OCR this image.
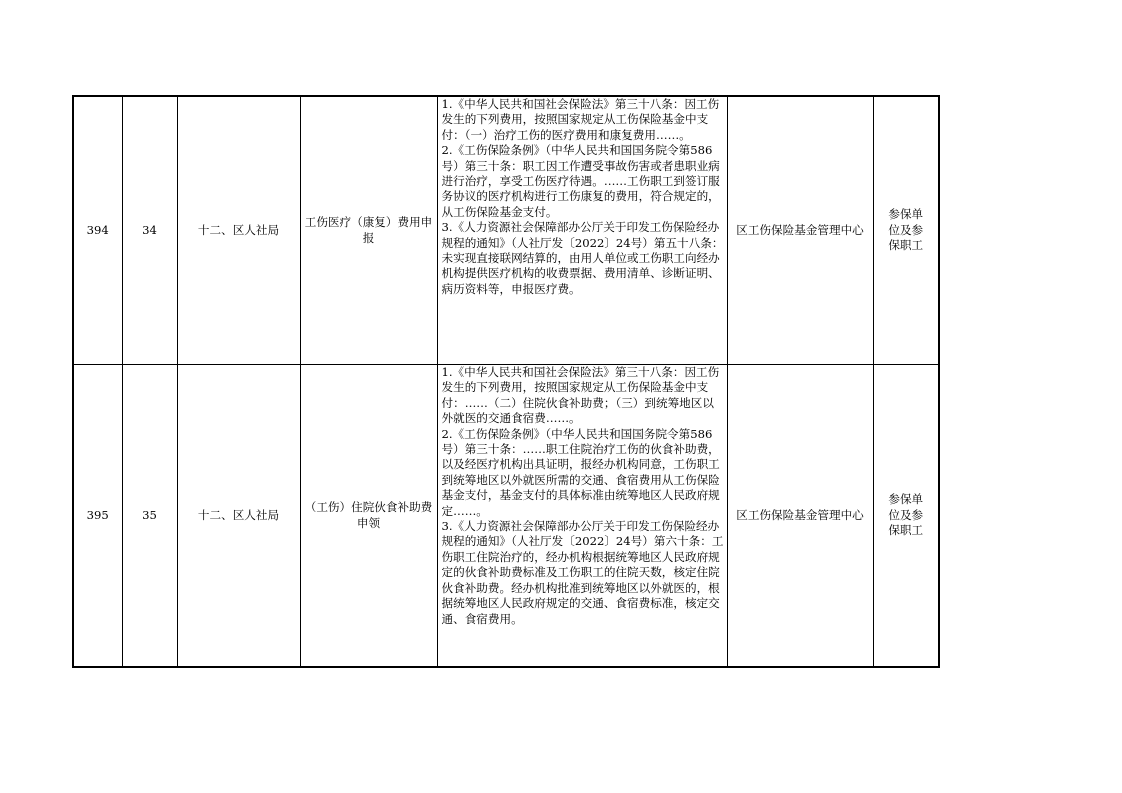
394	34	十二、区人社局	工伤医疗（康复）费用申报	1.《中华人民共和国社会保险法》第三十八条：因工伤发生的下列费用，按照国家规定从工伤保险基金中支付：（一）治疗工伤的医疗费用和康复费用……。
2.《工伤保险条例》（中华人民共和国国务院令第586号）第三十条：职工因工作遭受事故伤害或者患职业病进行治疗，享受工伤医疗待遇。……工伤职工到签订服务协议的医疗机构进行工伤康复的费用，符合规定的，从工伤保险基金支付。
3.《人力资源社会保障部办公厅关于印发工伤保险经办规程的通知》（人社厅发〔2022〕24号）第五十八条：未实现直接联网结算的，由用人单位或工伤职工向经办机构提供医疗机构的收费票据、费用清单、诊断证明、病历资料等，申报医疗费。	区工伤保险基金管理中心	参保单位及参保职工
395	35	十二、区人社局	（工伤）住院伙食补助费申领	1.《中华人民共和国社会保险法》第三十八条：因工伤发生的下列费用，按照国家规定从工伤保险基金中支付：……（二）住院伙食补助费；（三）到统筹地区以外就医的交通食宿费……。
2.《工伤保险条例》（中华人民共和国国务院令第586号）第三十条：……职工住院治疗工伤的伙食补助费，以及经医疗机构出具证明，报经办机构同意，工伤职工到统筹地区以外就医所需的交通、食宿费用从工伤保险基金支付，基金支付的具体标准由统筹地区人民政府规定……。
3.《人力资源社会保障部办公厅关于印发工伤保险经办规程的通知》（人社厅发〔2022〕24号）第六十条：工伤职工住院治疗的，经办机构根据统筹地区人民政府规定的伙食补助费标准及工伤职工的住院天数，核定住院伙食补助费。经办机构批准到统筹地区以外就医的，根据统筹地区人民政府规定的交通、食宿费标准，核定交通、食宿费用。	区工伤保险基金管理中心	参保单位及参保职工
